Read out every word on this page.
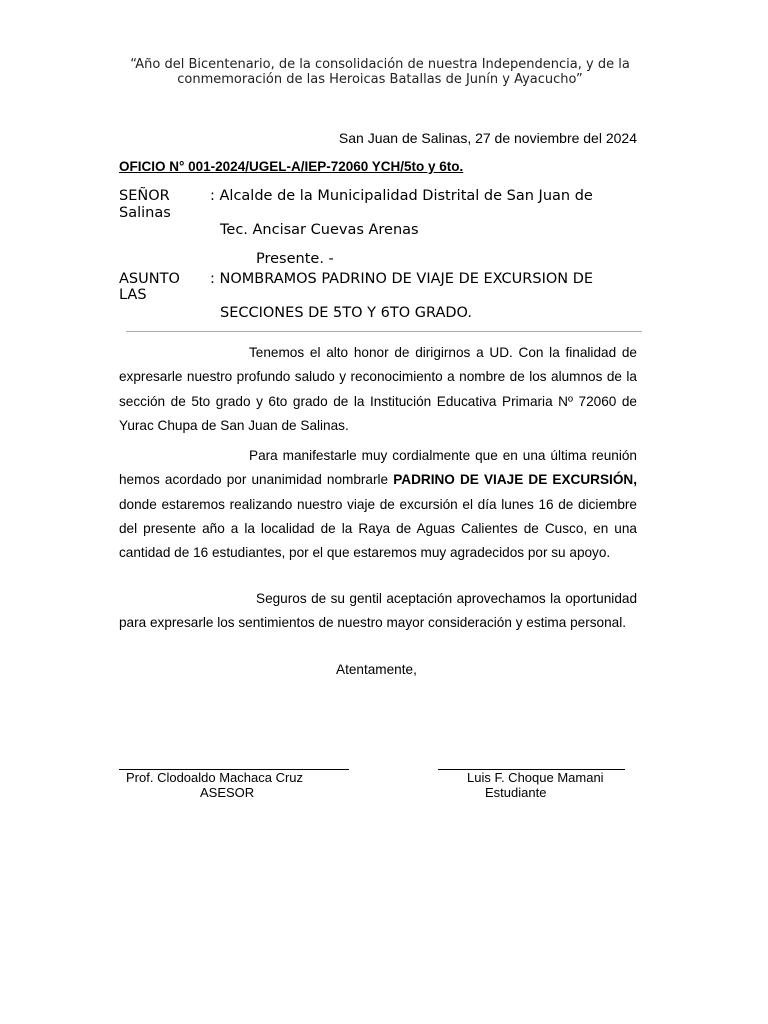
“Año del Bicentenario, de la consolidación de nuestra Independencia, y de la
conmemoración de las Heroicas Batallas de Junín y Ayacucho”
San Juan de Salinas, 27 de noviembre del 2024
OFICIO N° 001-2024/UGEL-A/IEP-72060 YCH/5to y 6to.
SEÑOR	: Alcalde de la Municipalidad Distrital de San Juan de
Salinas
Tec. Ancisar Cuevas Arenas
Presente. -
ASUNTO : NOMBRAMOS PADRINO DE VIAJE DE EXCURSION DE
LAS
SECCIONES DE 5TO Y 6TO GRADO.
Tenemos el alto honor de dirigirnos a UD. Con la finalidad de expresarle nuestro profundo saludo y reconocimiento a nombre de los alumnos de la sección de 5to grado y 6to grado de la Institución Educativa Primaria Nº 72060 de Yurac Chupa de San Juan de Salinas.
Para manifestarle muy cordialmente que en una última reunión hemos acordado por unanimidad nombrarle PADRINO DE VIAJE DE EXCURSIÓN, donde estaremos realizando nuestro viaje de excursión el día lunes 16 de diciembre del presente año a la localidad de la Raya de Aguas Calientes de Cusco, en una cantidad de 16 estudiantes, por el que estaremos muy agradecidos por su apoyo.
Seguros de su gentil aceptación aprovechamos la oportunidad para expresarle los sentimientos de nuestro mayor consideración y estima personal.
Atentamente,
Prof. Clodoaldo Machaca Cruz
ASESOR
Luis F. Choque Mamani
Estudiante
